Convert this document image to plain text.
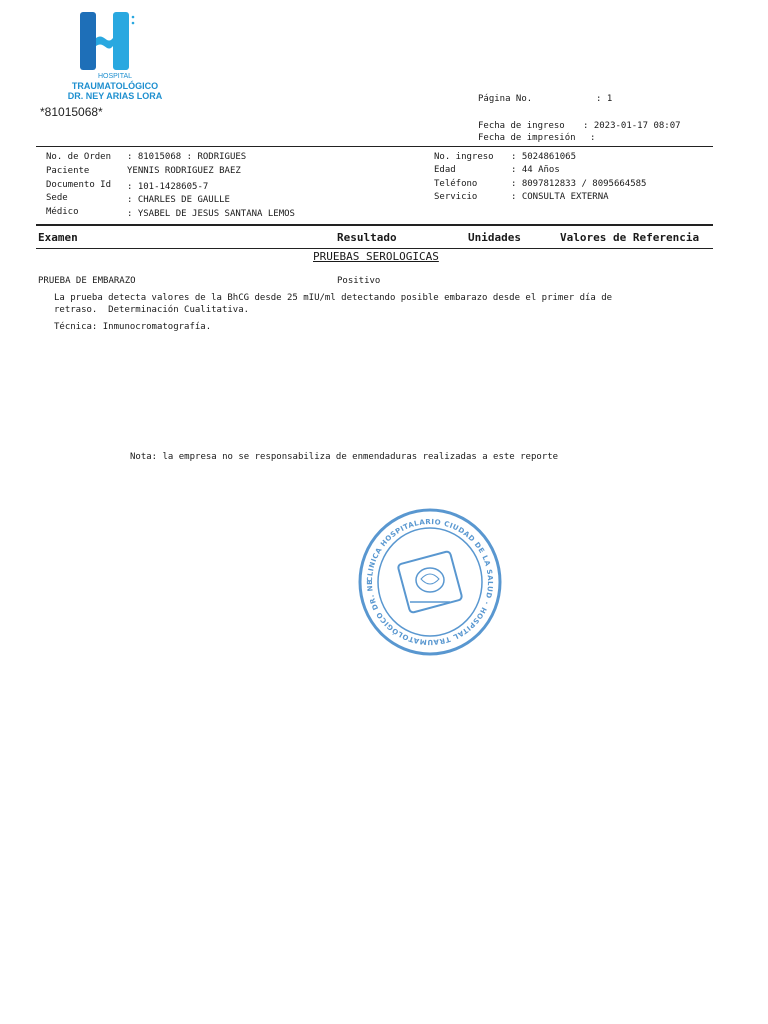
HOSPITAL
TRAUMATOLÓGICO
DR. NEY ARIAS LORA
*81015068*
Página No.	: 1
Fecha de ingreso : 2023-01-17 08:07
Fecha de impresión :
No. de Orden : 81015068 : RODRIGUES
Paciente	YENNIS RODRIGUEZ BAEZ
Documento Id : 101-1428605-7
Sede	: CHARLES DE GAULLE
Médico	: YSABEL DE JESUS SANTANA LEMOS
No. ingreso : 5024861065
Edad	: 44 Años
Teléfono	: 8097812833 / 8095664585
Servicio	: CONSULTA EXTERNA
Examen	Resultado	Unidades	Valores de Referencia
PRUEBAS SEROLOGICAS
PRUEBA DE EMBARAZO	Positivo
La prueba detecta valores de la BhCG desde 25 mIU/ml detectando posible embarazo desde el primer día de
retraso.  Determinación Cualitativa.
Técnica: Inmunocromatografía.
Nota: la empresa no se responsabiliza de enmendaduras realizadas a este reporte
CLINICA HOSPITALARIO CIUDAD DE LA SALUD · HOSPITAL TRAUMATOLÓGICO DR. NE
